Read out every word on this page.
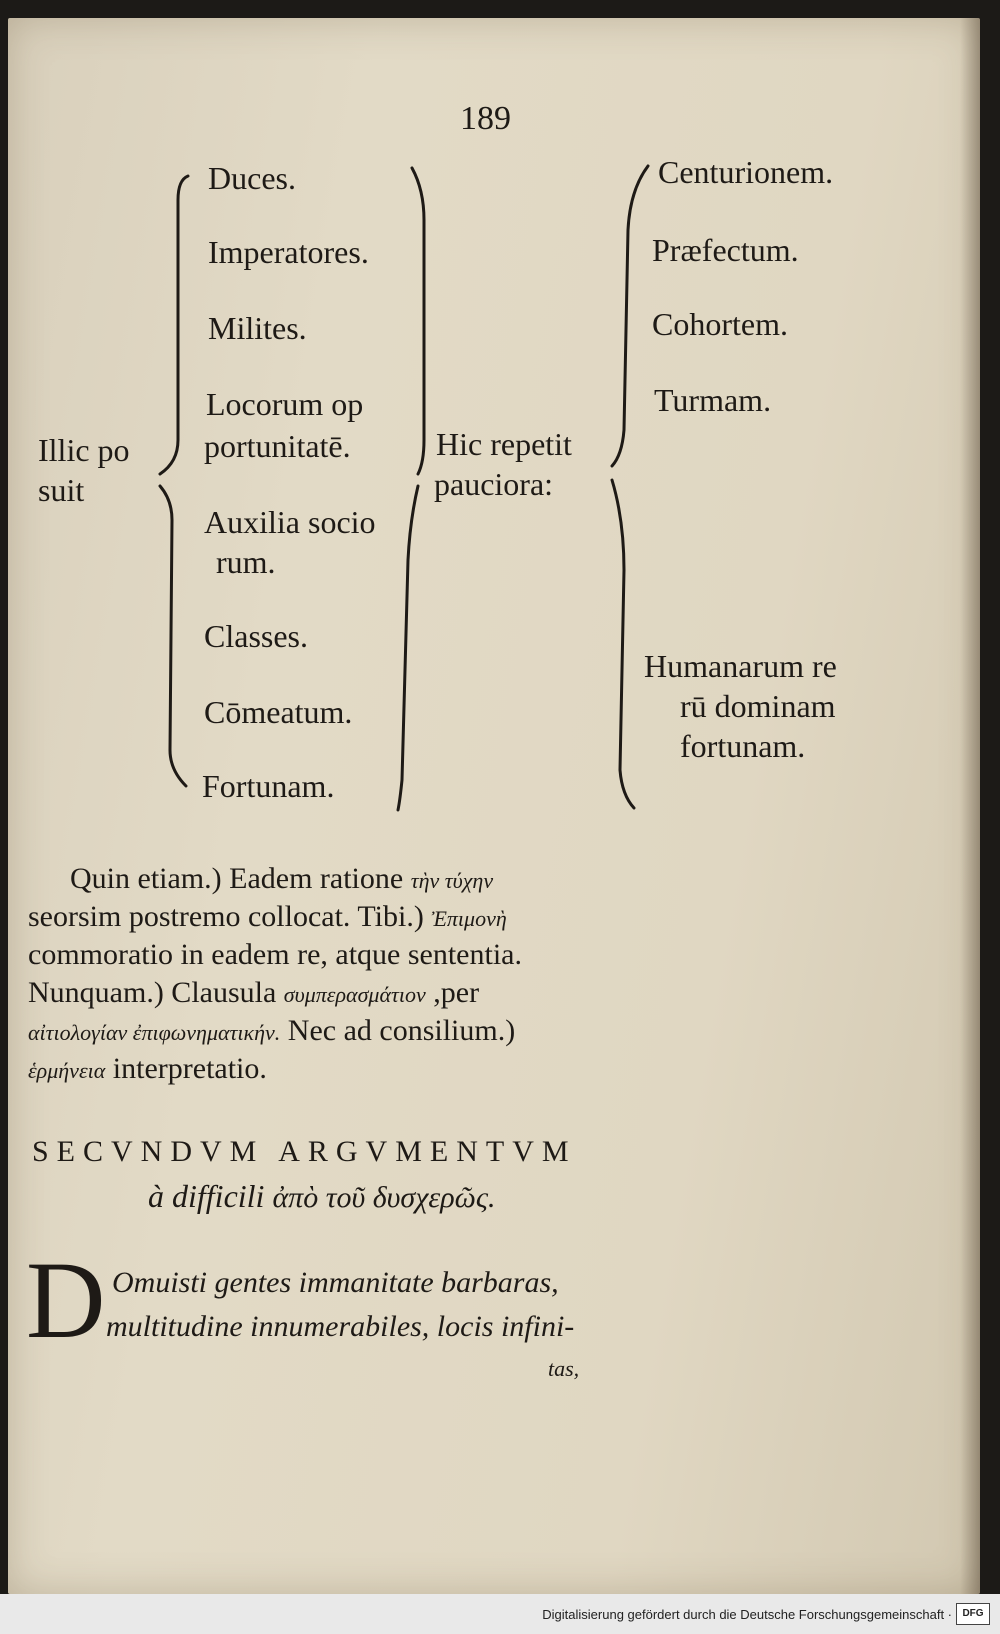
189
Duces.
Imperatores.
Milites.
Locorum op
portunitatē.
Auxilia socio
rum.
Classes.
Cōmeatum.
Fortunam.
Illic po
suit
Hic repetit
pauciora:
Centurionem.
Præfectum.
Cohortem.
Turmam.
Humanarum re
rū dominam
fortunam.
Quin etiam.) Eadem ratione τὴν τύχην
seorsim postremo collocat. Tibi.) Ἐπιμονὴ
commoratio in eadem re, atque sententia.
Nunquam.) Clausula συμπερασμάτιον ,per
αἰτιολογίαν ἐπιφωνηματικήν. Nec ad consilium.)
ἑρμήνεια interpretatio.
SECVNDVM ARGVMENTVM
à difficili ἀπὸ τοῦ δυσχερῶς.
D Omuisti gentes immanitate barbaras,
multitudine innumerabiles, locis infini-
tas,
Digitalisierung gefördert durch die Deutsche Forschungsgemeinschaft ·	DFG
